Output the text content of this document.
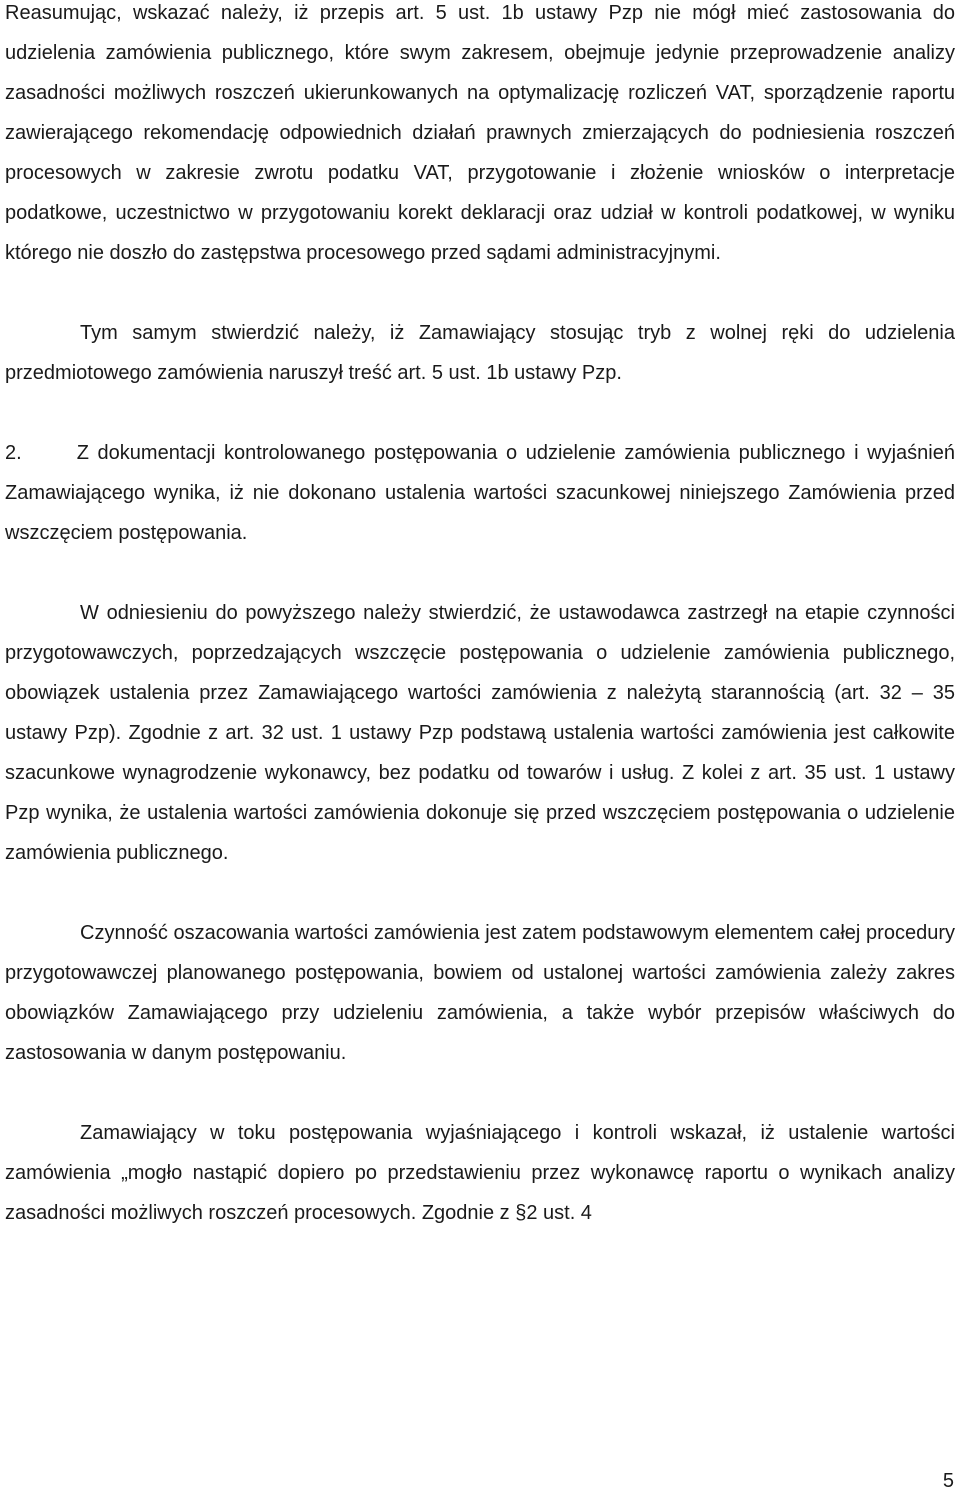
Reasumując, wskazać należy, iż przepis art. 5 ust. 1b ustawy Pzp nie mógł mieć zastosowania do udzielenia zamówienia publicznego, które swym zakresem, obejmuje jedynie przeprowadzenie analizy zasadności możliwych roszczeń ukierunkowanych na optymalizację rozliczeń VAT, sporządzenie raportu zawierającego rekomendację odpowiednich działań prawnych zmierzających do podniesienia roszczeń procesowych w zakresie zwrotu podatku VAT, przygotowanie i złożenie wniosków o interpretacje podatkowe, uczestnictwo w przygotowaniu korekt deklaracji oraz udział w kontroli podatkowej, w wyniku którego nie doszło do zastępstwa procesowego przed sądami administracyjnymi.

Tym samym stwierdzić należy, iż Zamawiający stosując tryb z wolnej ręki do udzielenia przedmiotowego zamówienia naruszył treść art. 5 ust. 1b ustawy Pzp.

2.	Z dokumentacji kontrolowanego postępowania o udzielenie zamówienia publicznego i wyjaśnień Zamawiającego wynika, iż nie dokonano ustalenia wartości szacunkowej niniejszego Zamówienia przed wszczęciem postępowania.

W odniesieniu do powyższego należy stwierdzić, że ustawodawca zastrzegł na etapie czynności przygotowawczych, poprzedzających wszczęcie postępowania o udzielenie zamówienia publicznego, obowiązek ustalenia przez Zamawiającego wartości zamówienia z należytą starannością (art. 32 – 35 ustawy Pzp). Zgodnie z art. 32 ust. 1 ustawy Pzp podstawą ustalenia wartości zamówienia jest całkowite szacunkowe wynagrodzenie wykonawcy, bez podatku od towarów i usług. Z kolei z art. 35 ust. 1 ustawy Pzp wynika, że ustalenia wartości zamówienia dokonuje się przed wszczęciem postępowania o udzielenie zamówienia publicznego.

Czynność oszacowania wartości zamówienia jest zatem podstawowym elementem całej procedury przygotowawczej planowanego postępowania, bowiem od ustalonej wartości zamówienia zależy zakres obowiązków Zamawiającego przy udzieleniu zamówienia, a także wybór przepisów właściwych do zastosowania w danym postępowaniu.

Zamawiający w toku postępowania wyjaśniającego i kontroli wskazał, iż ustalenie wartości zamówienia „mogło nastąpić dopiero po przedstawieniu przez wykonawcę raportu o wynikach analizy zasadności możliwych roszczeń procesowych. Zgodnie z §2 ust. 4

5
